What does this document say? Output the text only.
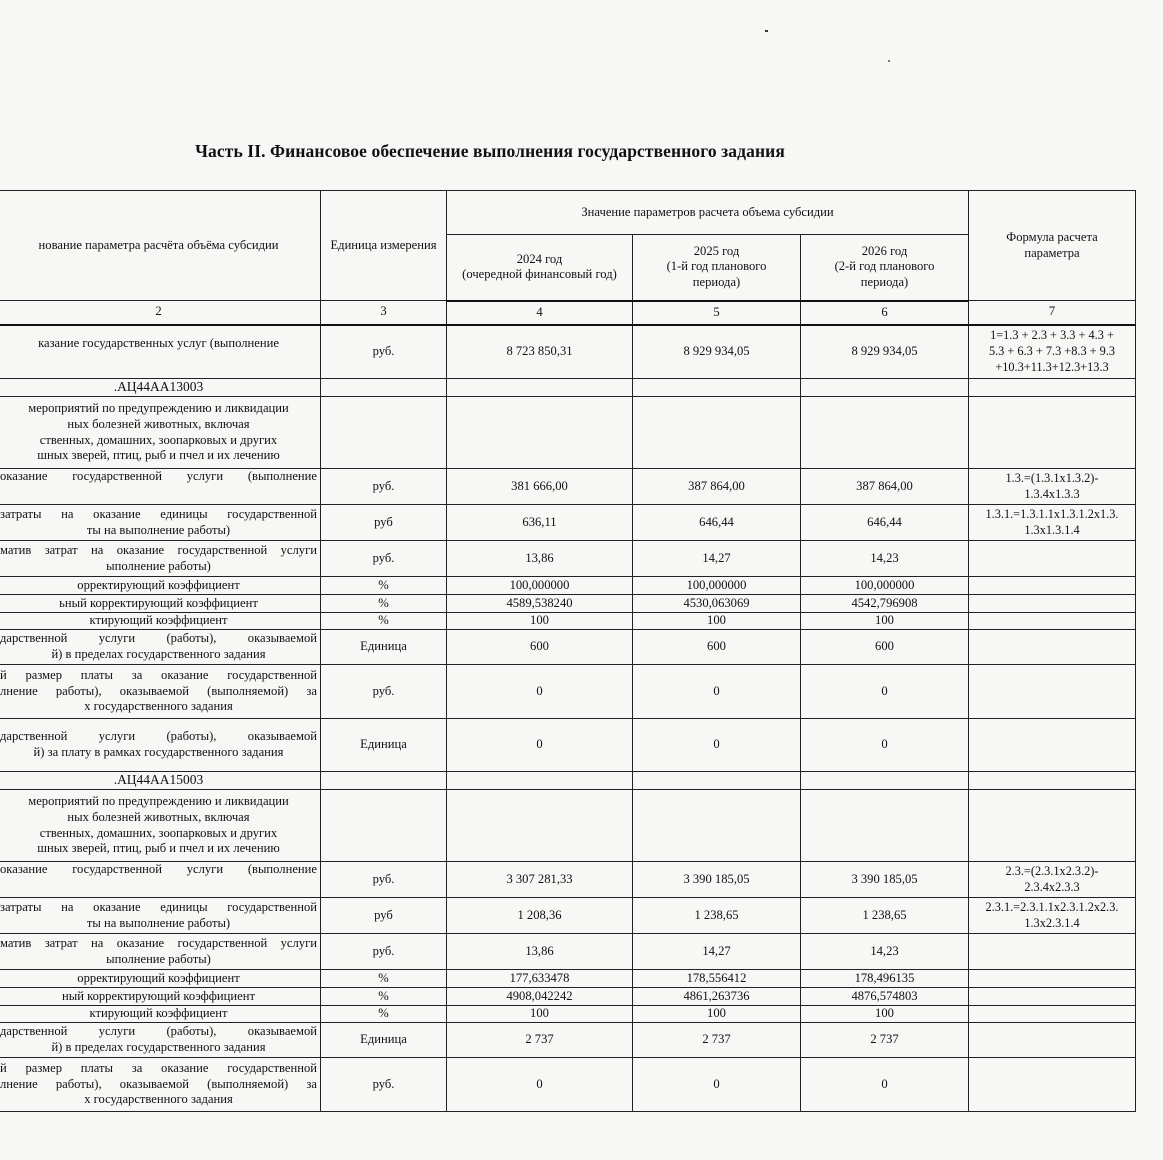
Часть II. Финансовое обеспечение выполнения государственного задания
нование параметра расчёта объёма субсидии	Единица измерения	Значение параметров расчета объема субсидии			Формула расчета
параметра

		2024 год
(очередной финансовый год)	2025 год
(1-й год планового
периода)	2026 год
(2-й год планового
периода)	

2	3	4	5	6	7
казание государственных услуг (выполнение	руб.	8 723 850,31	8 929 934,05	8 929 934,05	1=1.3 + 2.3 + 3.3 + 4.3 +
5.3 + 6.3 + 7.3 +8.3 + 9.3
+10.3+11.3+12.3+13.3

.АЦ44АА13003					

мероприятий по предупреждению и ликвидации
ных болезней животных, включая
ственных, домашних, зоопарковых и других
шных зверей, птиц, рыб и пчел и их лечению					

оказание государственной услуги (выполнение	руб.	381 666,00	387 864,00	387 864,00	1.3.=(1.3.1x1.3.2)-
1.3.4x1.3.3

затраты на оказание единицы государственной
ты на выполнение работы)	руб	636,11	646,44	646,44	1.3.1.=1.3.1.1x1.3.1.2x1.3.
1.3x1.3.1.4

матив затрат на оказание государственной услуги
ыполнение работы)	руб.	13,86	14,27	14,23	
орректирующий коэффициент	%	100,000000	100,000000	100,000000	
ьный корректирующий коэффициент	%	4589,538240	4530,063069	4542,796908	
ктирующий коэффициент	%	100	100	100	

дарственной услуги (работы), оказываемой
й) в пределах государственного задания	Единица	600	600	600	

й размер платы за оказание государственной
лнение работы), оказываемой (выполняемой) за
х государственного задания	руб.	0	0	0	

дарственной услуги (работы), оказываемой
й) за плату в рамках государственного задания	Единица	0	0	0	
.АЦ44АА15003					

мероприятий по предупреждению и ликвидации
ных болезней животных, включая
ственных, домашних, зоопарковых и других
шных зверей, птиц, рыб и пчел и их лечению					

оказание государственной услуги (выполнение	руб.	3 307 281,33	3 390 185,05	3 390 185,05	2.3.=(2.3.1x2.3.2)-
2.3.4x2.3.3

затраты на оказание единицы государственной
ты на выполнение работы)	руб	1 208,36	1 238,65	1 238,65	2.3.1.=2.3.1.1x2.3.1.2x2.3.
1.3x2.3.1.4

матив затрат на оказание государственной услуги
ыполнение работы)	руб.	13,86	14,27	14,23	
орректирующий коэффициент	%	177,633478	178,556412	178,496135	
ный корректирующий коэффициент	%	4908,042242	4861,263736	4876,574803	
ктирующий коэффициент	%	100	100	100	

дарственной услуги (работы), оказываемой
й) в пределах государственного задания	Единица	2 737	2 737	2 737	

й размер платы за оказание государственной
лнение работы), оказываемой (выполняемой) за
х государственного задания	руб.	0	0	0	
